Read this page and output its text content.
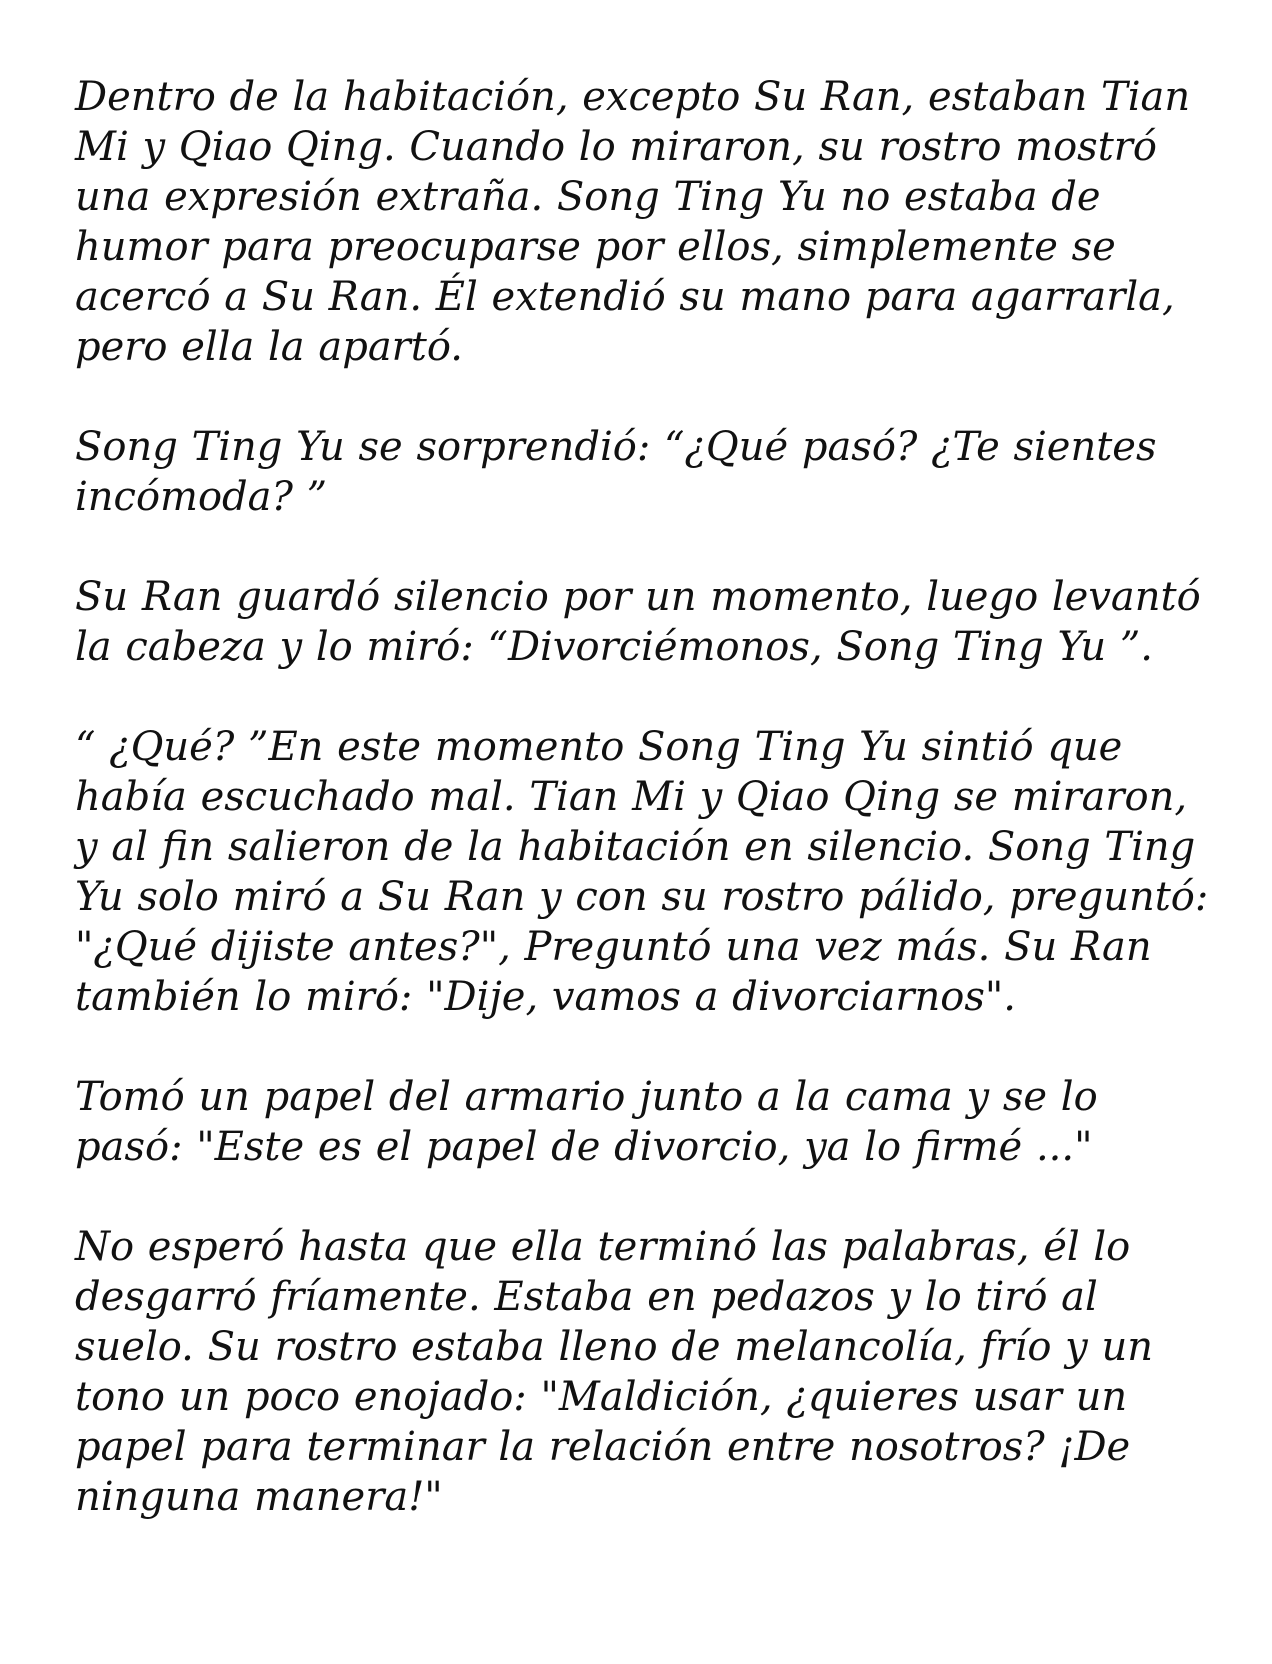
Dentro de la habitación, excepto Su Ran, estaban Tian Mi y Qiao Qing. Cuando lo miraron, su rostro mostró una expresión extraña. Song Ting Yu no estaba de humor para preocuparse por ellos, simplemente se acercó a Su Ran. Él extendió su mano para agarrarla, pero ella la apartó.

Song Ting Yu se sorprendió: “¿Qué pasó? ¿Te sientes incómoda? ”

Su Ran guardó silencio por un momento, luego levantó la cabeza y lo miró: “Divorciémonos, Song Ting Yu ”.

“ ¿Qué? ”En este momento Song Ting Yu sintió que había escuchado mal. Tian Mi y Qiao Qing se miraron, y al fin salieron de la habitación en silencio. Song Ting Yu solo miró a Su Ran y con su rostro pálido, preguntó: "¿Qué dijiste antes?", Preguntó una vez más. Su Ran también lo miró: "Dije, vamos a divorciarnos".

Tomó un papel del armario junto a la cama y se lo pasó: "Este es el papel de divorcio, ya lo firmé ..."

No esperó hasta que ella terminó las palabras, él lo desgarró fríamente. Estaba en pedazos y lo tiró al suelo. Su rostro estaba lleno de melancolía, frío y un tono un poco enojado: "Maldición, ¿quieres usar un papel para terminar la relación entre nosotros? ¡De ninguna manera!"
